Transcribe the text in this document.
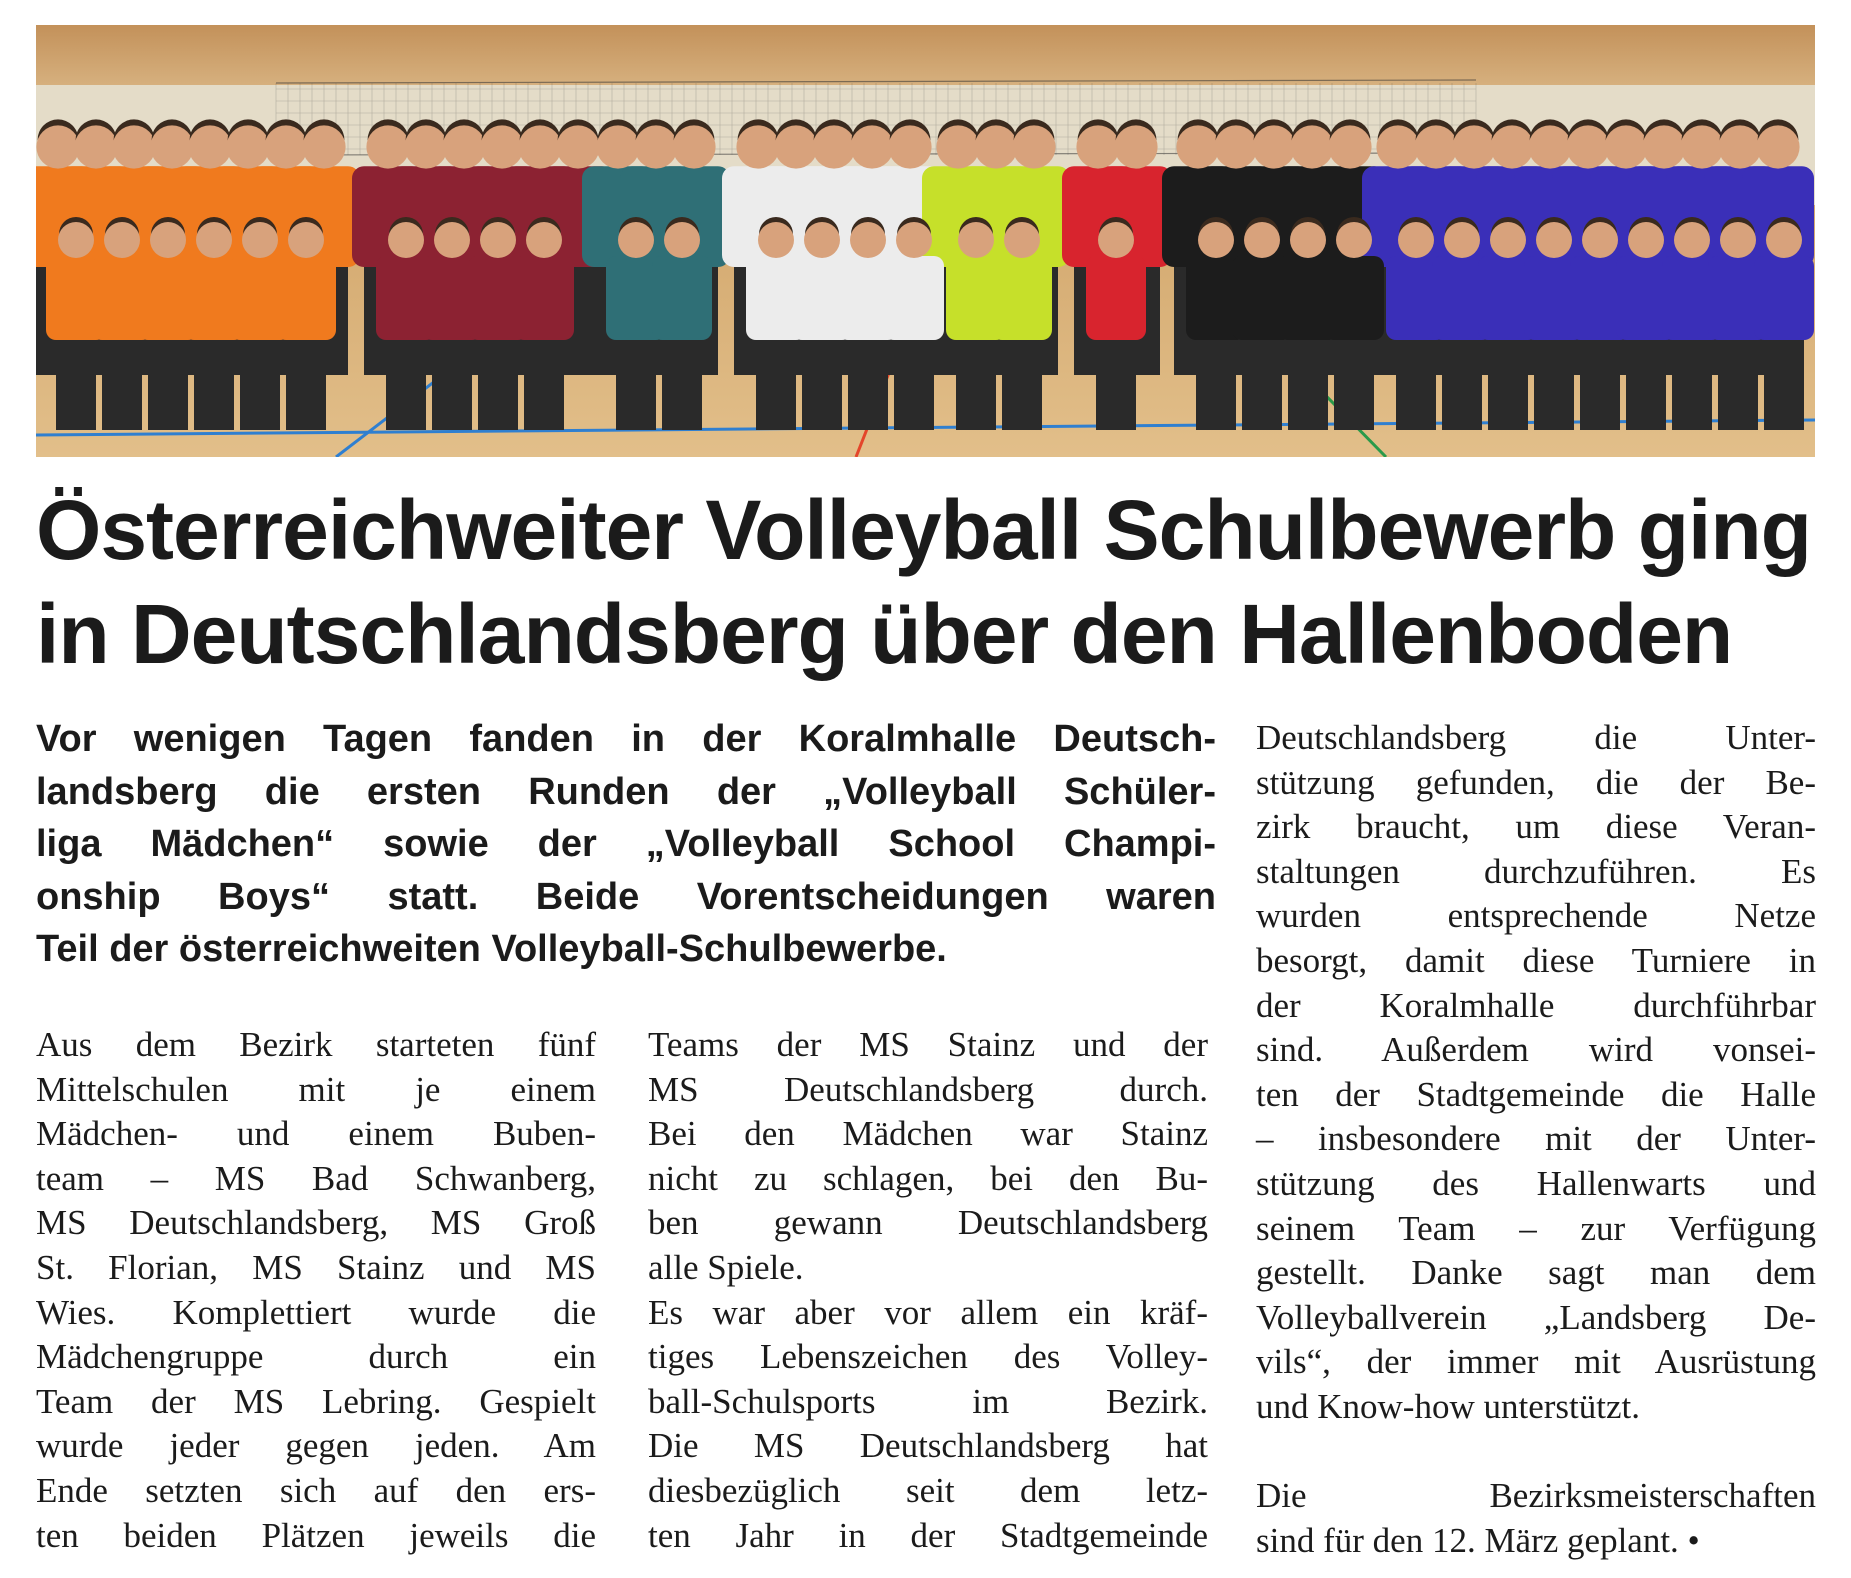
Österreichweiter Volleyball Schulbewerb ging
in Deutschlandsberg über den Hallenboden

Vor wenigen Tagen fanden in der Koralmhalle Deutsch-
landsberg die ersten Runden der „Volleyball Schüler-
liga Mädchen“ sowie der „Volleyball School Champi-
onship Boys“ statt. Beide Vorentscheidungen waren
Teil der österreichweiten Volleyball-Schulbewerbe.

Aus dem Bezirk starteten fünf
Mittelschulen mit je einem
Mädchen- und einem Buben-
team – MS Bad Schwanberg,
MS Deutschlandsberg, MS Groß
St. Florian, MS Stainz und MS
Wies. Komplettiert wurde die
Mädchengruppe durch ein
Team der MS Lebring. Gespielt
wurde jeder gegen jeden. Am
Ende setzten sich auf den ers-
ten beiden Plätzen jeweils die

Teams der MS Stainz und der
MS Deutschlandsberg durch.
Bei den Mädchen war Stainz
nicht zu schlagen, bei den Bu-
ben gewann Deutschlandsberg
alle Spiele.
Es war aber vor allem ein kräf-
tiges Lebenszeichen des Volley-
ball-Schulsports im Bezirk.
Die MS Deutschlandsberg hat
diesbezüglich seit dem letz-
ten Jahr in der Stadtgemeinde

Deutschlandsberg die Unter-
stützung gefunden, die der Be-
zirk braucht, um diese Veran-
staltungen durchzuführen. Es
wurden entsprechende Netze
besorgt, damit diese Turniere in
der Koralmhalle durchführbar
sind. Außerdem wird vonsei-
ten der Stadtgemeinde die Halle
– insbesondere mit der Unter-
stützung des Hallenwarts und
seinem Team – zur Verfügung
gestellt. Danke sagt man dem
Volleyballverein „Landsberg De-
vils“, der immer mit Ausrüstung
und Know-how unterstützt.
Die Bezirksmeisterschaften
sind für den 12. März geplant. •
